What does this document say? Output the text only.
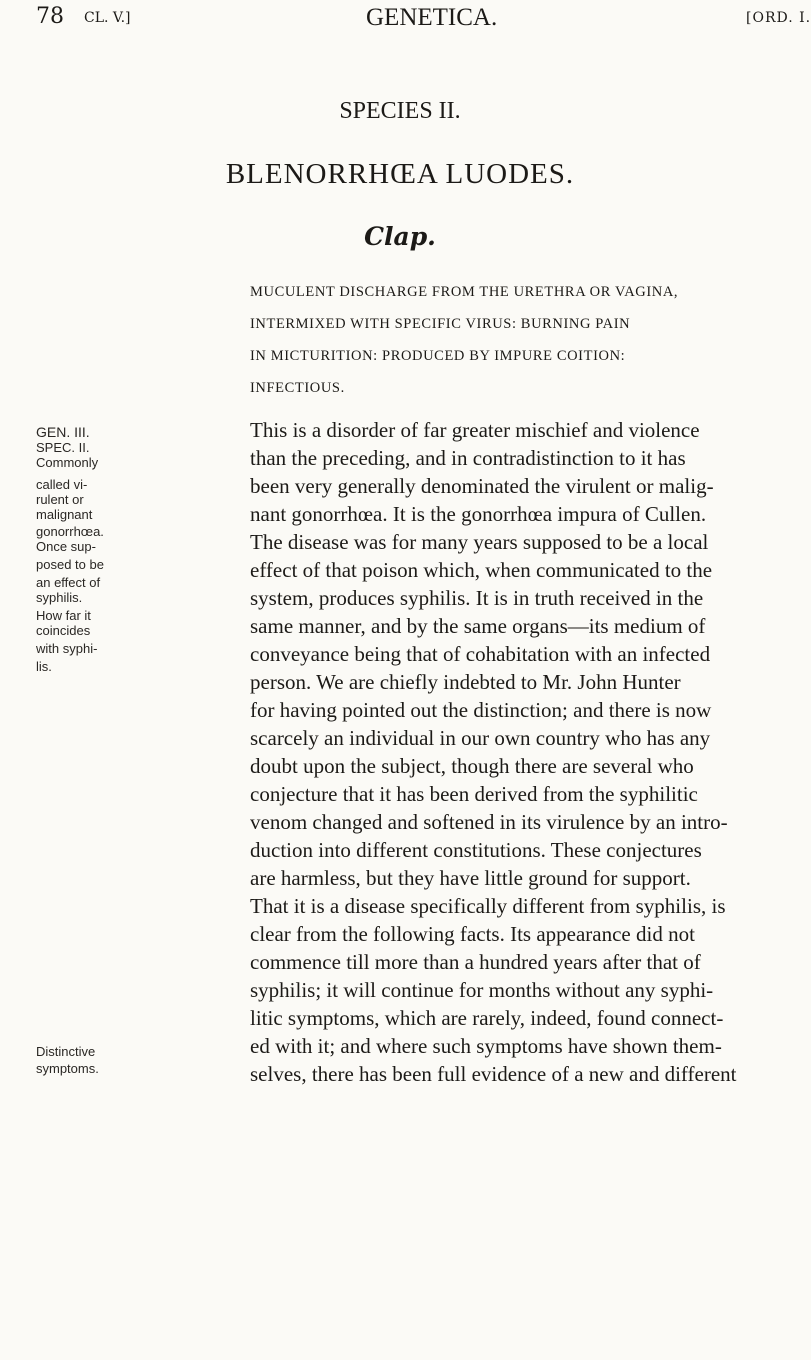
78 CL. V.]	GENETICA.	[ORD. I.
SPECIES II.
BLENORRHŒA LUODES.
Clap.
MUCULENT DISCHARGE FROM THE URETHRA OR VAGINA,
INTERMIXED WITH SPECIFIC VIRUS: BURNING PAIN
IN MICTURITION: PRODUCED BY IMPURE COITION:
INFECTIOUS.
GEN. III.
SPEC. II.
Commonly
called vi-
rulent or
malignant
gonorrhœa.
Once sup-
posed to be
an effect of
syphilis.
How far it
coincides
with syphi-
lis.
Distinctive
symptoms.
This is a disorder of far greater mischief and violence
than the preceding, and in contradistinction to it has
been very generally denominated the virulent or malig-
nant gonorrhœa. It is the gonorrhœa impura of Cullen.
The disease was for many years supposed to be a local
effect of that poison which, when communicated to the
system, produces syphilis. It is in truth received in the
same manner, and by the same organs—its medium of
conveyance being that of cohabitation with an infected
person. We are chiefly indebted to Mr. John Hunter
for having pointed out the distinction; and there is now
scarcely an individual in our own country who has any
doubt upon the subject, though there are several who
conjecture that it has been derived from the syphilitic
venom changed and softened in its virulence by an intro-
duction into different constitutions. These conjectures
are harmless, but they have little ground for support.
That it is a disease specifically different from syphilis, is
clear from the following facts. Its appearance did not
commence till more than a hundred years after that of
syphilis; it will continue for months without any syphi-
litic symptoms, which are rarely, indeed, found connect-
ed with it; and where such symptoms have shown them-
selves, there has been full evidence of a new and different
